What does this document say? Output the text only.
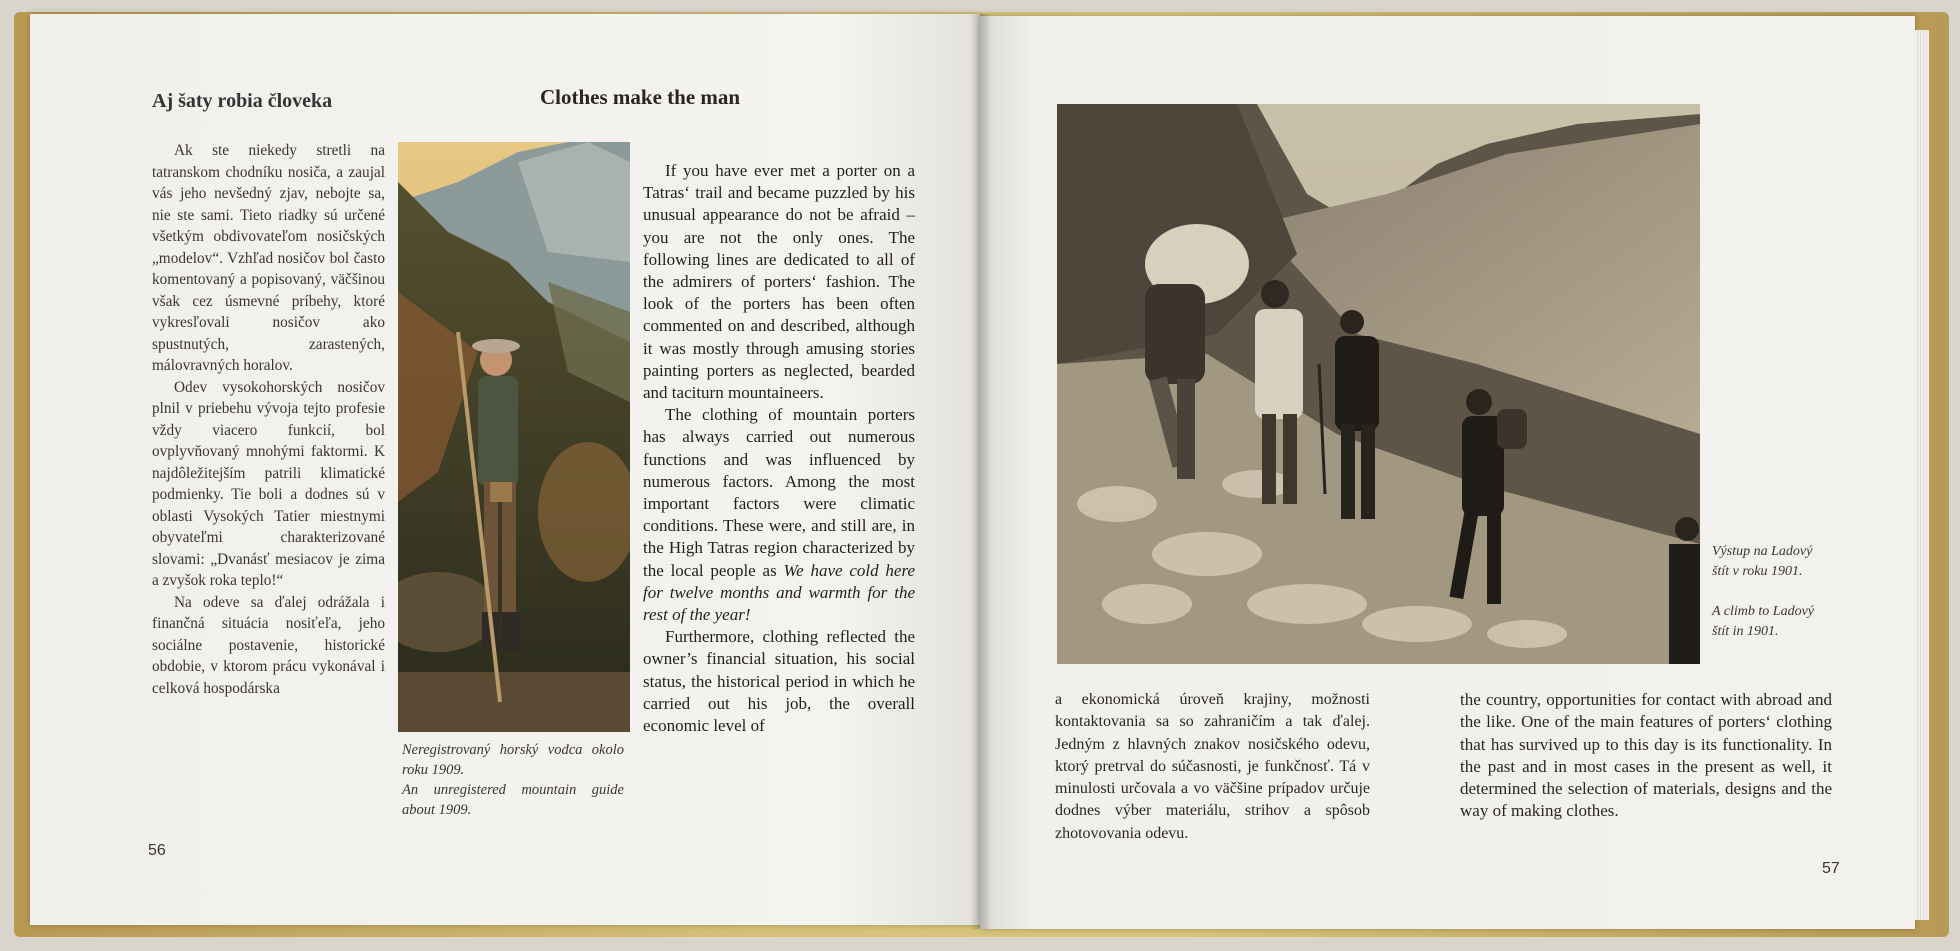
Aj šaty robia človeka	Clothes make the man

Ak ste niekedy stretli na tatranskom chodníku nosiča, a zaujal vás jeho nevšedný zjav, nebojte sa, nie ste sami. Tieto riadky sú určené všetkým obdivovateľom nosičských „modelov“. Vzhľad nosičov bol často komentovaný a popisovaný, väčšinou však cez úsmevné príbehy, ktoré vykresľovali nosičov ako spustnutých, zarastených, málovravných horalov.

Odev vysokohorských nosičov plnil v priebehu vývoja tejto profesie vždy viacero funkcií, bol ovplyvňovaný mnohými faktormi. K najdôležitejším patrili klimatické podmienky. Tie boli a dodnes sú v oblasti Vysokých Tatier miestnymi obyvateľmi charakterizované slovami: „Dvanásť mesiacov je zima a zvyšok roka teplo!“

Na odeve sa ďalej odrážala i finančná situácia nosiťeľa, jeho sociálne postavenie, historické obdobie, v ktorom prácu vykonával i celková hospodárska

Neregistrovaný horský vodca okolo roku 1909.

An unregistered mountain guide about 1909.

If you have ever met a porter on a Tatras‘ trail and became puzzled by his unusual appearance do not be afraid – you are not the only ones. The following lines are dedicated to all of the admirers of porters‘ fashion. The look of the porters has been often commented on and described, although it was mostly through amusing stories painting porters as neglected, bearded and taciturn mountaineers.

The clothing of mountain porters has always carried out numerous functions and was influenced by numerous factors. Among the most important factors were climatic conditions. These were, and still are, in the High Tatras region characterized by the local people as We have cold here for twelve months and warmth for the rest of the year!

Furthermore, clothing reflected the owner’s financial situation, his social status, the historical period in which he carried out his job, the overall economic level of

56

Výstup na Ladový štít v roku 1901.

A climb to Ladový štít in 1901.

a ekonomická úroveň krajiny, možnosti kontaktovania sa so zahraničím a tak ďalej. Jedným z hlavných znakov nosičského odevu, ktorý pretrval do súčasnosti, je funkčnosť. Tá v minulosti určovala a vo väčšine prípadov určuje dodnes výber materiálu, strihov a spôsob zhotovovania odevu.
the country, opportunities for contact with abroad and the like. One of the main features of porters‘ clothing that has survived up to this day is its functionality. In the past and in most cases in the present as well, it determined the selection of materials, designs and the way of making clothes.
57
